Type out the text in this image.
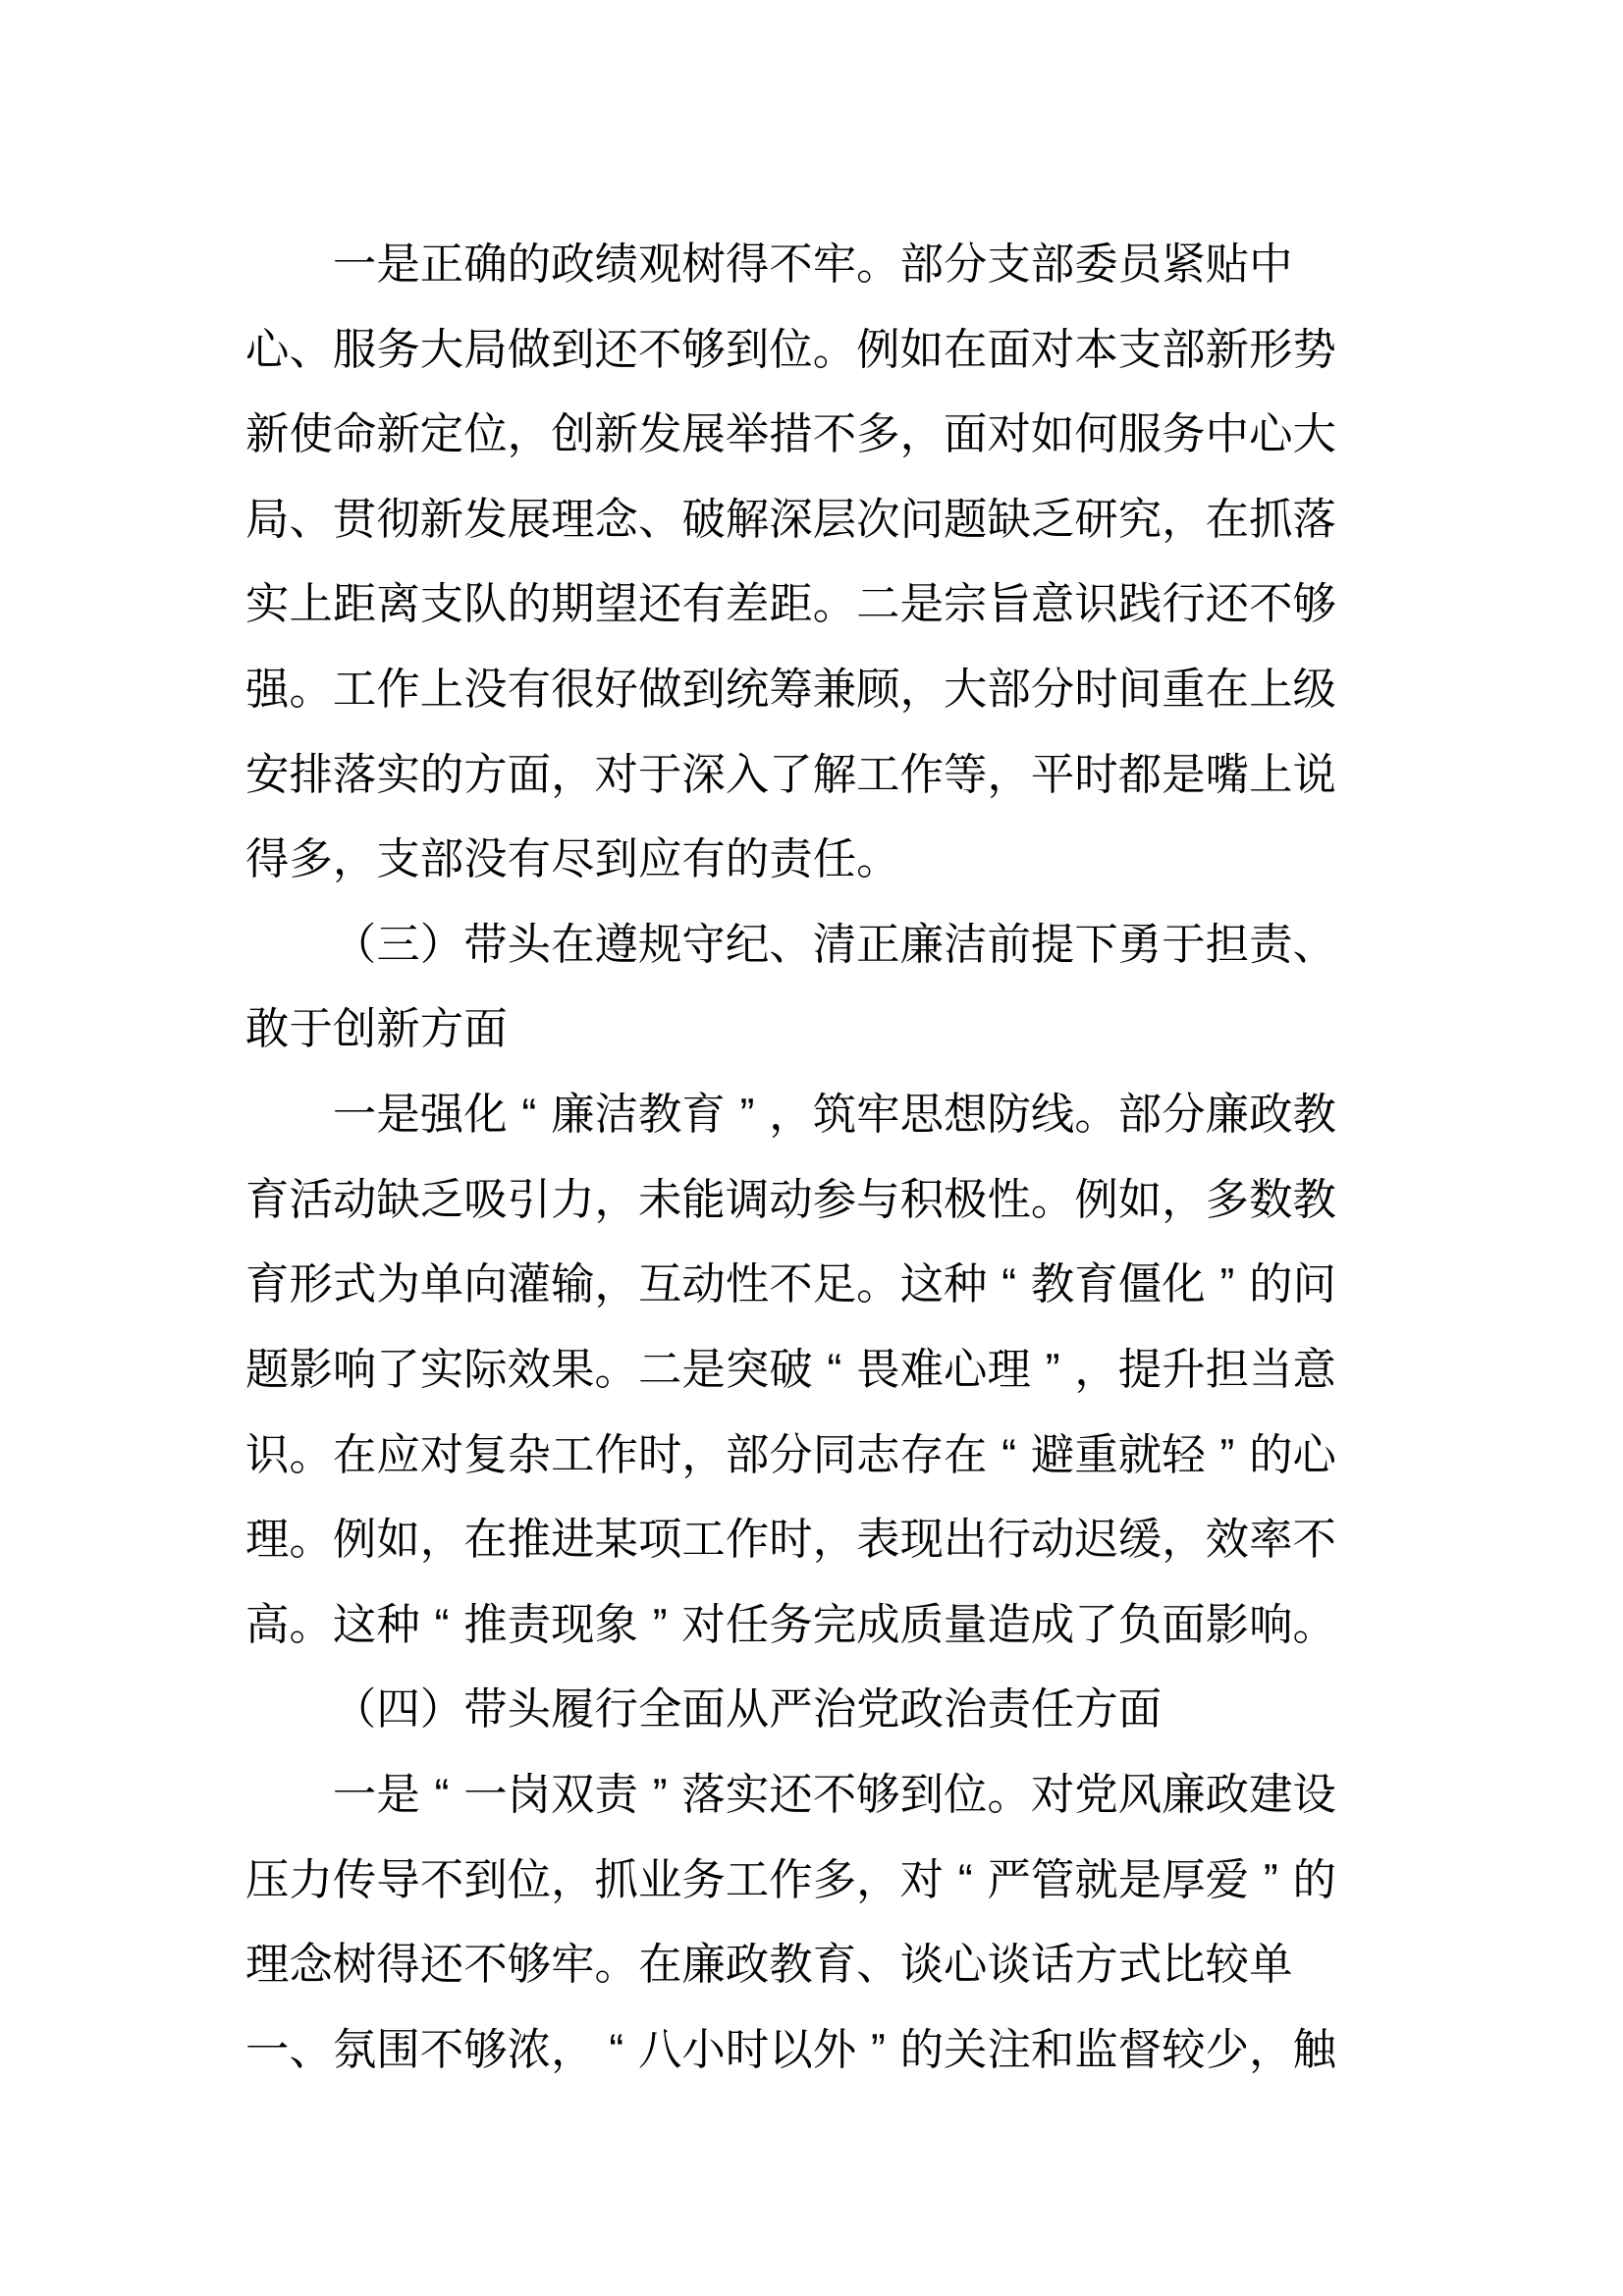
一 是 正 确 的 政 绩 观 树 得 不 牢 。 部 分 支 部 委 员 紧 贴 中
心 、 服 务 大 局 做 到 还 不 够 到 位 。 例 如 在 面 对 本 支 部 新 形 势
新 使 命 新 定 位 ， 创 新 发 展 举 措 不 多 ， 面 对 如 何 服 务 中 心 大
局 、 贯 彻 新 发 展 理 念 、 破 解 深 层 次 问 题 缺 乏 研 究 ， 在 抓 落
实 上 距 离 支 队 的 期 望 还 有 差 距 。 二 是 宗 旨 意 识 践 行 还 不 够
强 。 工 作 上 没 有 很 好 做 到 统 筹 兼 顾 ， 大 部 分 时 间 重 在 上 级
安 排 落 实 的 方 面 ， 对 于 深 入 了 解 工 作 等 ， 平 时 都 是 嘴 上 说
得 多 ， 支 部 没 有 尽 到 应 有 的 责 任 。
（ 三 ） 带 头 在 遵 规 守 纪 、 清 正 廉 洁 前 提 下 勇 于 担 责 、
敢 于 创 新 方 面
一 是 强 化 “ 廉 洁 教 育 ” ， 筑 牢 思 想 防 线 。 部 分 廉 政 教
育 活 动 缺 乏 吸 引 力 ， 未 能 调 动 参 与 积 极 性 。 例 如 ， 多 数 教
育 形 式 为 单 向 灌 输 ， 互 动 性 不 足 。 这 种 “ 教 育 僵 化 ” 的 问
题 影 响 了 实 际 效 果 。 二 是 突 破 “ 畏 难 心 理 ” ， 提 升 担 当 意
识 。 在 应 对 复 杂 工 作 时 ， 部 分 同 志 存 在 “ 避 重 就 轻 ” 的 心
理 。 例 如 ， 在 推 进 某 项 工 作 时 ， 表 现 出 行 动 迟 缓 ， 效 率 不
高 。 这 种 “ 推 责 现 象 ” 对 任 务 完 成 质 量 造 成 了 负 面 影 响 。
（ 四 ） 带 头 履 行 全 面 从 严 治 党 政 治 责 任 方 面
一 是 “ 一 岗 双 责 ” 落 实 还 不 够 到 位 。 对 党 风 廉 政 建 设
压 力 传 导 不 到 位 ， 抓 业 务 工 作 多 ， 对 “ 严 管 就 是 厚 爱 ” 的
理 念 树 得 还 不 够 牢 。 在 廉 政 教 育 、 谈 心 谈 话 方 式 比 较 单
一 、 氛 围 不 够 浓 ， “ 八 小 时 以 外 ” 的 关 注 和 监 督 较 少 ， 触
